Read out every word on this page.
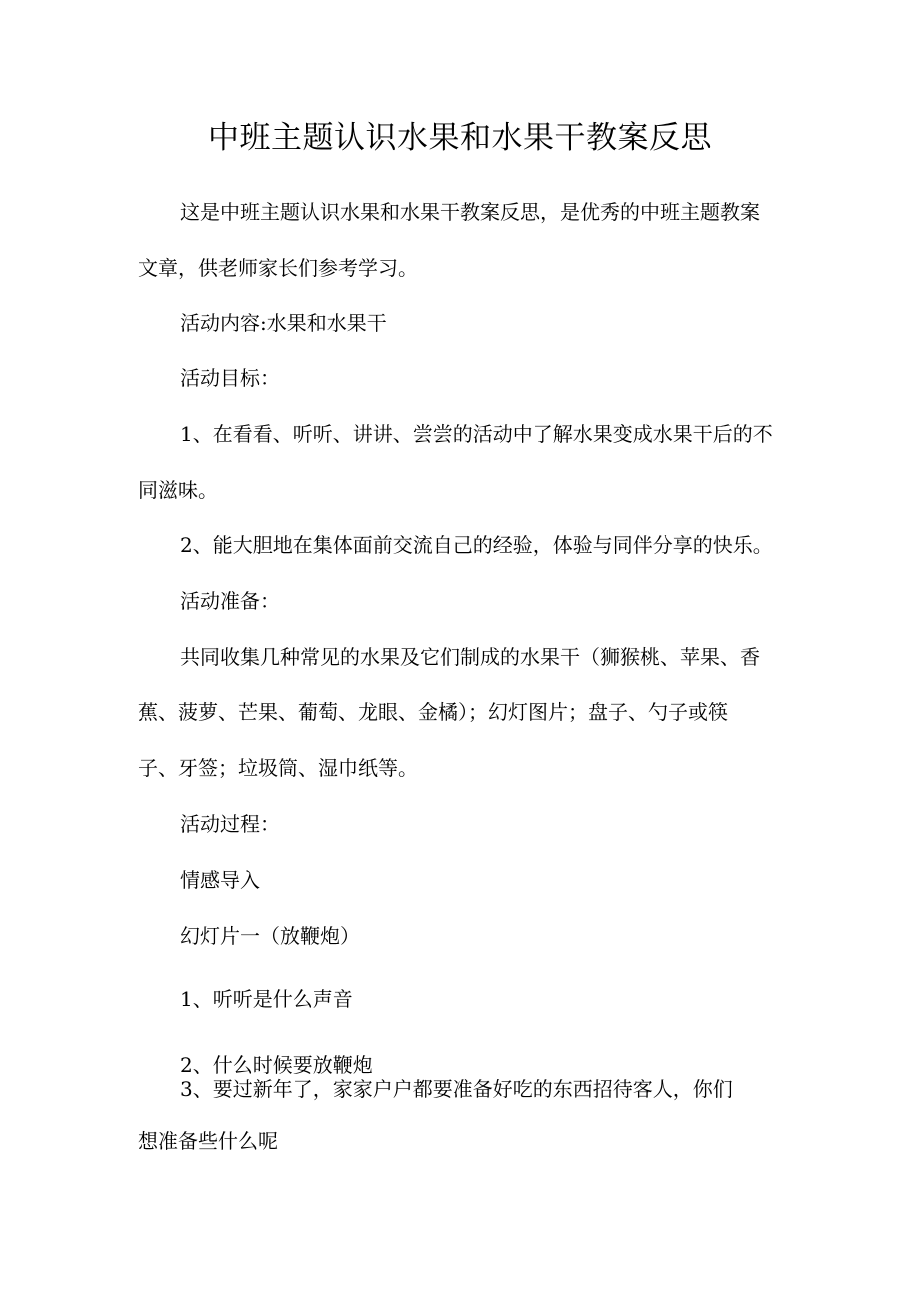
中班主题认识水果和水果干教案反思
这是中班主题认识水果和水果干教案反思，是优秀的中班主题教案
文章，供老师家长们参考学习。
活动内容:水果和水果干
活动目标：
1、在看看、听听、讲讲、尝尝的活动中了解水果变成水果干后的不
同滋味。
2、能大胆地在集体面前交流自己的经验，体验与同伴分享的快乐。
活动准备：
共同收集几种常见的水果及它们制成的水果干（狮猴桃、苹果、香
蕉、菠萝、芒果、葡萄、龙眼、金橘）；幻灯图片；盘子、勺子或筷
子、牙签；垃圾筒、湿巾纸等。
活动过程：
情感导入
幻灯片一（放鞭炮）
1、听听是什么声音
2、什么时候要放鞭炮
3、要过新年了，家家户户都要准备好吃的东西招待客人，你们
想准备些什么呢
